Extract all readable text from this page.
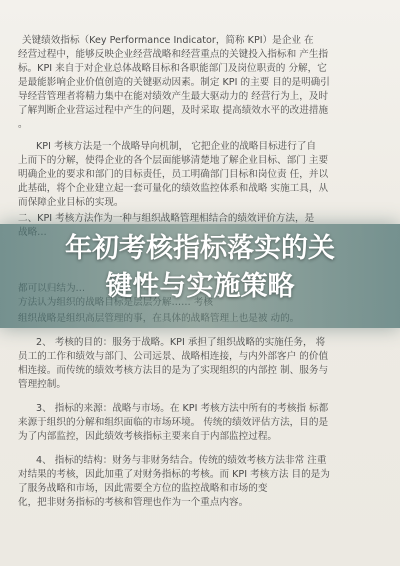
关键绩效指标（Key Performance Indicator，简称 KPI）是企业 在
经营过程中，能够反映企业经营战略和经营重点的关键投入指标和 产生指
标。KPI 来自于对企业总体战略目标和各职能部门及岗位职责的 分解，它
是最能影响企业价值创造的关键驱动因素。制定 KPI 的主要 目的是明确引
导经营管理者将精力集中在能对绩效产生最大驱动力的 经营行为上，及时
了解判断企业营运过程中产生的问题，及时采取 提高绩效水平的改进措施
。
KPI 考核方法是一个战略导向机制， 它把企业的战略目标进行了自
上而下的分解，使得企业的各个层面能够清楚地了解企业目标、部门 主要
明确企业的要求和部门的目标责任，员工明确部门目标和岗位责 任，并以
此基础，将个企业建立起一套可量化的绩效监控体系和战略 实施工具，从
而保障企业目标的实现。
二、KPI 考核方法作为一种与组织战略管理相结合的绩效评价方法，是
2、 考核的目的：服务于战略。KPI 承担了组织战略的实施任务， 将
员工的工作和绩效与部门、公司远景、战略相连接，与内外部客户 的价值
相连接。而传统的绩效考核方法目的是为了实现组织的内部控 制、服务与
管理控制。
3、 指标的来源：战略与市场。在 KPI 考核方法中所有的考核指 标都
来源于组织的分解和组织面临的市场环境。 传统的绩效评估方法，目的是
为了内部监控，因此绩效考核指标主要来自于内部监控过程。
4、 指标的结构：财务与非财务结合。传统的绩效考核方法非常 注重
对结果的考核，因此加重了对财务指标的考核。而 KPI 考核方法 目的是为
了服务战略和市场，因此需要全方位的监控战略和市场的变
化，把非财务指标的考核和管理也作为一个重点内容。
年初考核指标落实的关
键性与实施策略
